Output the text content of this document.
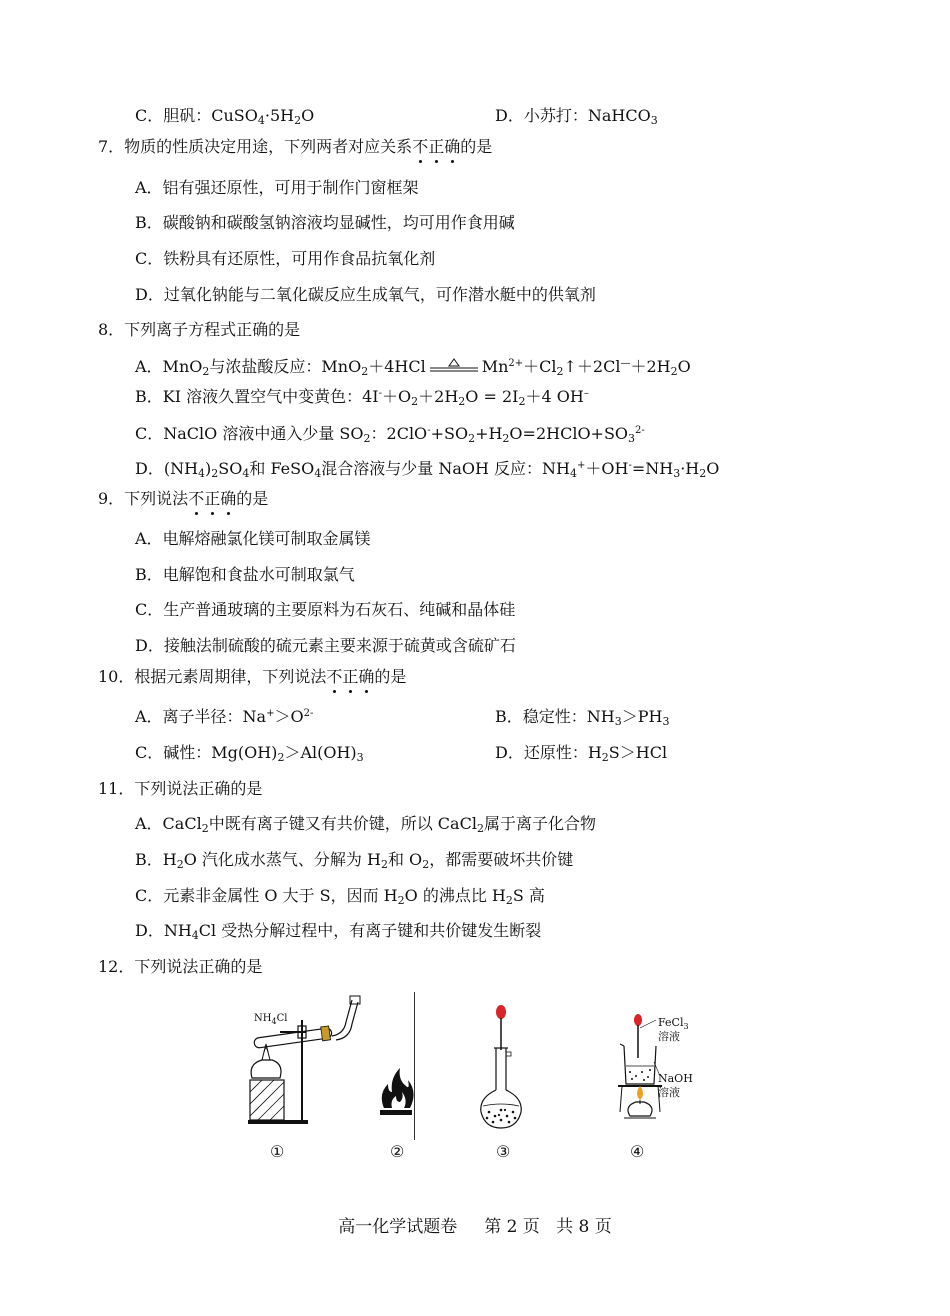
C．胆矾：$CuSO_4\cdot 5H_2O$	D．小苏打：NaHCO$_3$
7．物质的性质决定用途，下列两者对应关系不正确的是
A．铝有强还原性，可用于制作门窗框架
B．碳酸钠和碳酸氢钠溶液均显碱性，均可用作食用碱
C．铁粉具有还原性，可用作食品抗氧化剂
D．过氧化钠能与二氧化碳反应生成氧气，可作潜水艇中的供氧剂
8．下列离子方程式正确的是
A．MnO$_2$与浓盐酸反应：MnO$_2$＋4HCl	$Mn^{2+}+Cl_2↑+2Cl^—+2H_2O$
B．KI 溶液久置空气中变黄色：$4I^-+O_2+2H_2O = 2I_2+4$ OH–
C．NaClO 溶液中通入少量 $SO_2$：$2ClO^-+SO_2+H_2O=2HClO+SO_3^{2-}$
D．$(NH_4)_2SO_4$和 FeSO$_4$混合溶液与少量 NaOH 反应：$NH_4^++OH^-=NH_3\cdot H_2O$
9．下列说法不正确的是
A．电解熔融氯化镁可制取金属镁
B．电解饱和食盐水可制取氯气
C．生产普通玻璃的主要原料为石灰石、纯碱和晶体硅
D．接触法制硫酸的硫元素主要来源于硫黄或含硫矿石
10．根据元素周期律，下列说法不正确的是
A．离子半径：$Na^+>O^{2-}$	B．稳定性：$NH_3>PH_3$
C．碱性：$Mg(OH)_2>Al(OH)_3$	D．还原性：$H_2S>HCl$
11．下列说法正确的是
A．CaCl$_2$中既有离子键又有共价键，所以 CaCl$_2$属于离子化合物
B．$H_2O$ 汽化成水蒸气、分解为 $H_2$和 $O_2$，都需要破坏共价键
C．元素非金属性 O 大于 S，因而 $H_2O$ 的沸点比 $H_2S$ 高
D．$NH_4Cl$ 受热分解过程中，有离子键和共价键发生断裂
12．下列说法正确的是
$NH_4Cl$	FeCl$_3$
溶液
NaOH
溶液
①	②	③	④
高一化学试题卷 第 2 页 共 8 页
